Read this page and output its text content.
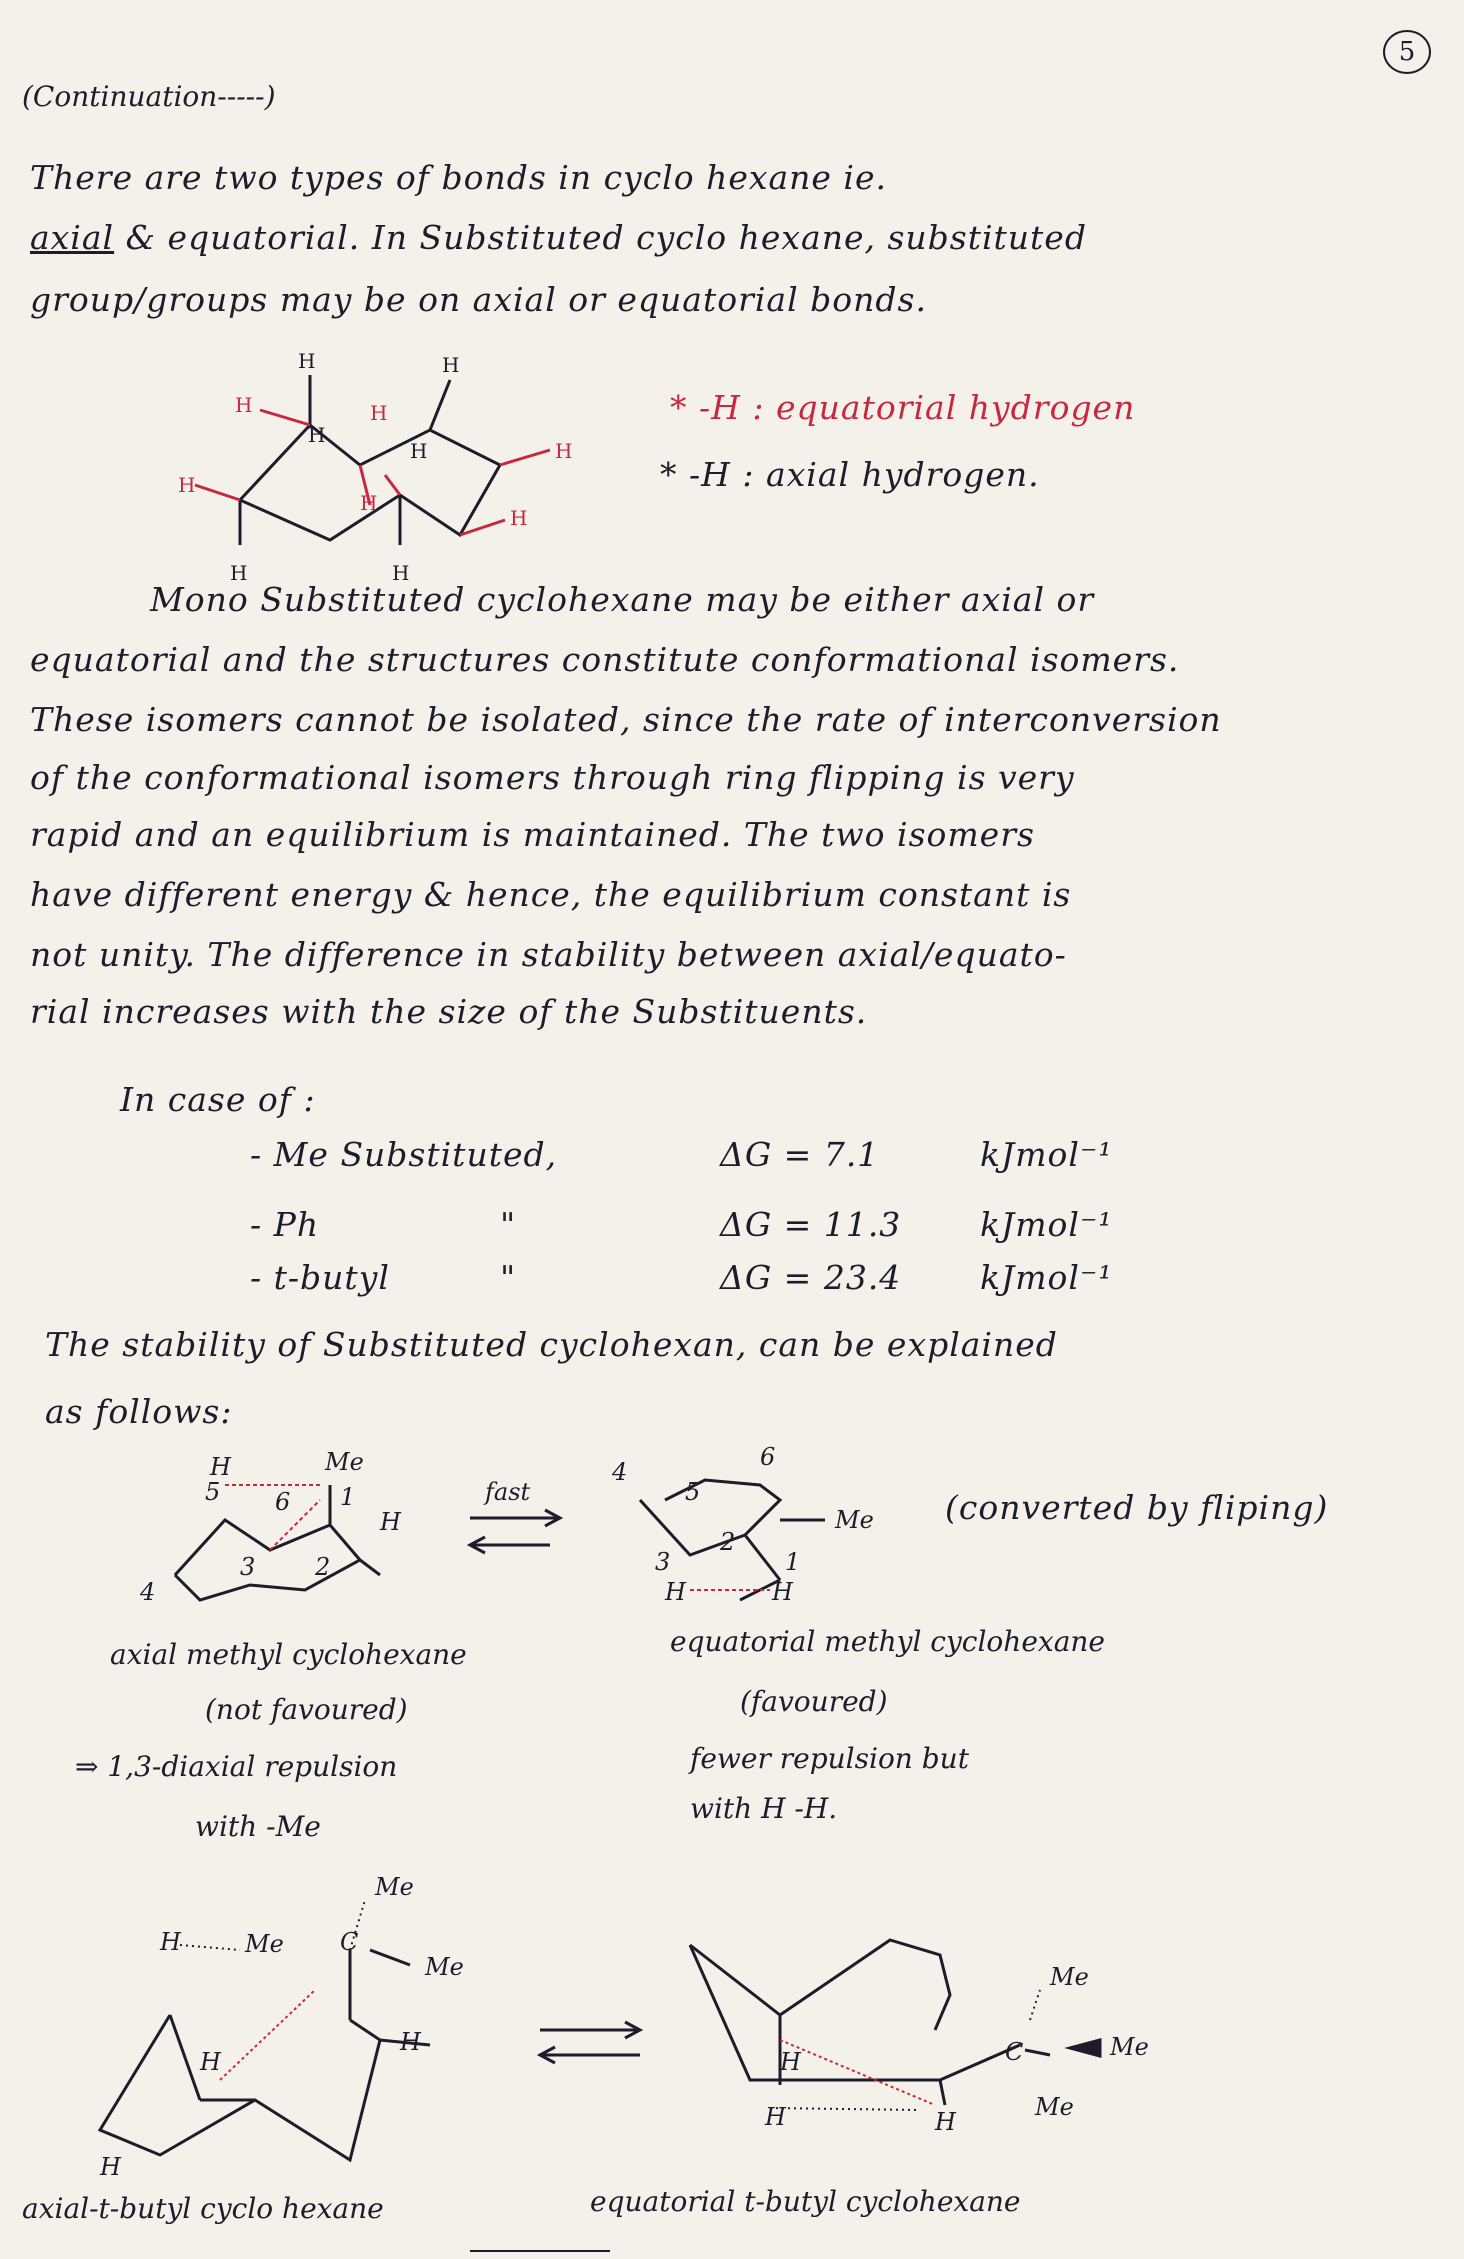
5
(Continuation-----)
There are two types of bonds in cyclo hexane ie.
axial & equatorial. In Substituted cyclo hexane, substituted
group/groups may be on axial or equatorial bonds.
H	H
H	H
H
H
H
H
H
H
H
H
* -H : equatorial hydrogen
* -H : axial hydrogen.
Mono Substituted cyclohexane may be either axial or
equatorial and the structures constitute conformational isomers.
These isomers cannot be isolated, since the rate of interconversion
of the conformational isomers through ring flipping is very
rapid and an equilibrium is maintained. The two isomers
have different energy & hence, the equilibrium constant is
not unity. The difference in stability between axial/equato-
rial increases with the size of the Substituents.
In case of :
- Me Substituted,	ΔG = 7.1	kJmol⁻¹
- Ph	"	ΔG = 11.3 kJmol⁻¹
- t-butyl	"	ΔG = 23.4 kJmol⁻¹
The stability of Substituted cyclohexan, can be explained
as follows:
H	Me
H
5 6 1
3 2
4
fast
4
5
6
3
2
1
Me
H	H
(converted by fliping)
axial methyl cyclohexane
(not favoured)
⇒ 1,3-diaxial repulsion
with -Me
equatorial methyl cyclohexane
(favoured)
fewer repulsion but
with H -H.
H	Me C
Me
Me
H
H
H
H
H	H
C
Me
Me
Me
axial-t-butyl cyclo hexane	equatorial t-butyl cyclohexane
